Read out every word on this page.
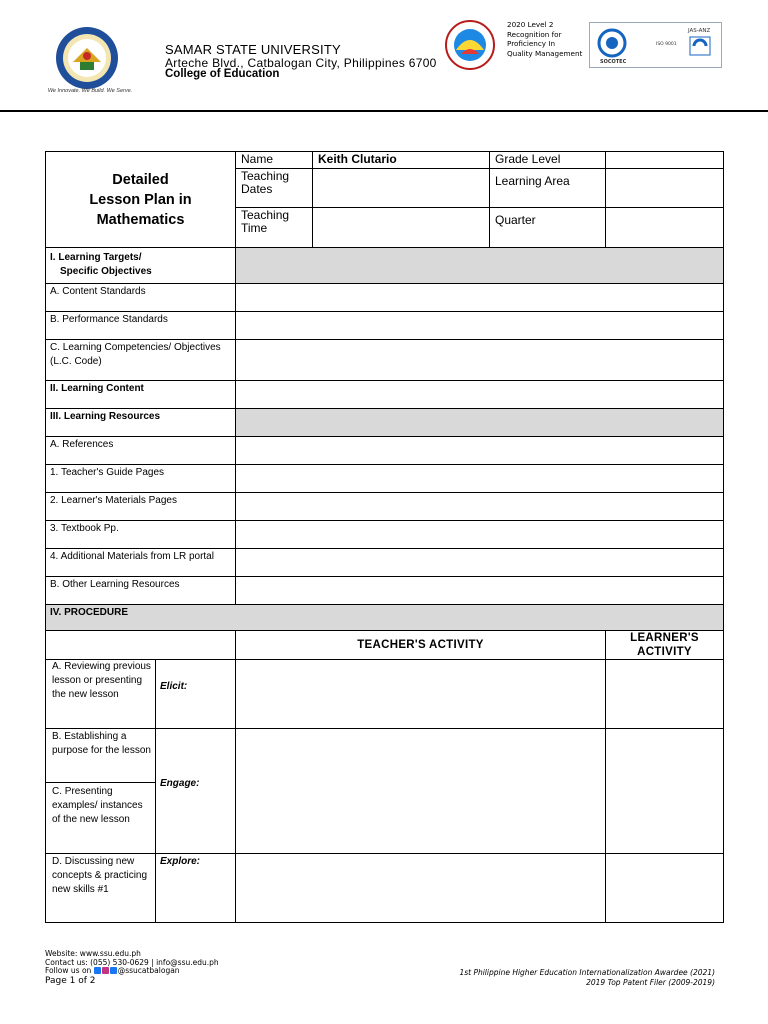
We Innovate. We Build. We Serve.
SAMAR STATE UNIVERSITY
Arteche Blvd., Catbalogan City, Philippines 6700
College of Education
2020 Level 2
Recognition for
Proficiency In
Quality Management
ISO 9001
SOCOTEC
JAS-ANZ
Detailed
Lesson Plan in
Mathematics		Name	Keith Clutario	Grade Level	
		Teaching Dates		Learning Area	
		Teaching Time		Quarter	

I. Learning Targets/
Specific Objectives					

A. Content Standards					
B. Performance Standards					
C. Learning Competencies/ Objectives (L.C. Code)					
II. Learning Content					
III. Learning Resources					
A. References					
1. Teacher's Guide Pages					
2. Learner's Materials Pages					
3. Textbook Pp.					
4. Additional Materials from LR portal					
B. Other Learning Resources					
IV. PROCEDURE					
		TEACHER'S ACTIVITY			LEARNER'S ACTIVITY
A. Reviewing previous lesson or presenting the new lesson	Elicit:				
B. Establishing a purpose for the lesson	Engage:				
C. Presenting examples/ instances of the new lesson					
D. Discussing new concepts & practicing new skills #1	Explore:				
Website: www.ssu.edu.ph
Contact us: (055) 530-0629 | info@ssu.edu.ph
Follow us on	@ssucatbalogan
Page 1 of 2
1st Philippine Higher Education Internationalization Awardee (2021)
2019 Top Patent Filer (2009-2019)
